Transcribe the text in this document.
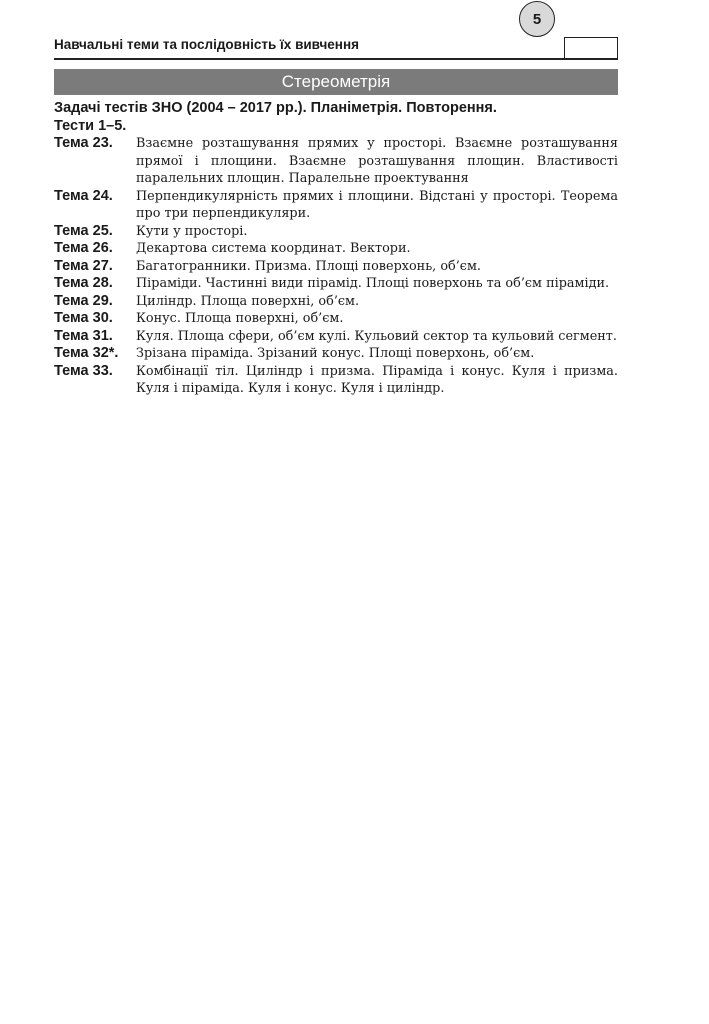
Навчальні теми та послідовність їх вивчення
5
Стереометрія
Задачі тестів ЗНО (2004 – 2017 рр.). Планіметрія. Повторення.
Тести 1–5.
Тема 23.	Взаємне розташування прямих у просторі. Взаємне розташування прямої і площини. Взаємне розташування площин. Властивості паралельних площин. Паралельне проектування
Тема 24.	Перпендикулярність прямих і площини. Відстані у просторі. Теорема про три перпендикуляри.
Тема 25.	Кути у просторі.
Тема 26.	Декартова система координат. Вектори.
Тема 27.	Багатогранники. Призма. Площі поверхонь, об’єм.
Тема 28.	Піраміди. Частинні види пірамід. Площі поверхонь та об’єм піраміди.
Тема 29.	Циліндр. Площа поверхні, об’єм.
Тема 30.	Конус. Площа поверхні, об’єм.
Тема 31.	Куля. Площа сфери, об’єм кулі. Кульовий сектор та кульовий сегмент.
Тема 32*.	Зрізана піраміда. Зрізаний конус. Площі поверхонь, об’єм.
Тема 33.	Комбінації тіл. Циліндр і призма. Піраміда і конус. Куля і призма. Куля і піраміда. Куля і конус. Куля і циліндр.
